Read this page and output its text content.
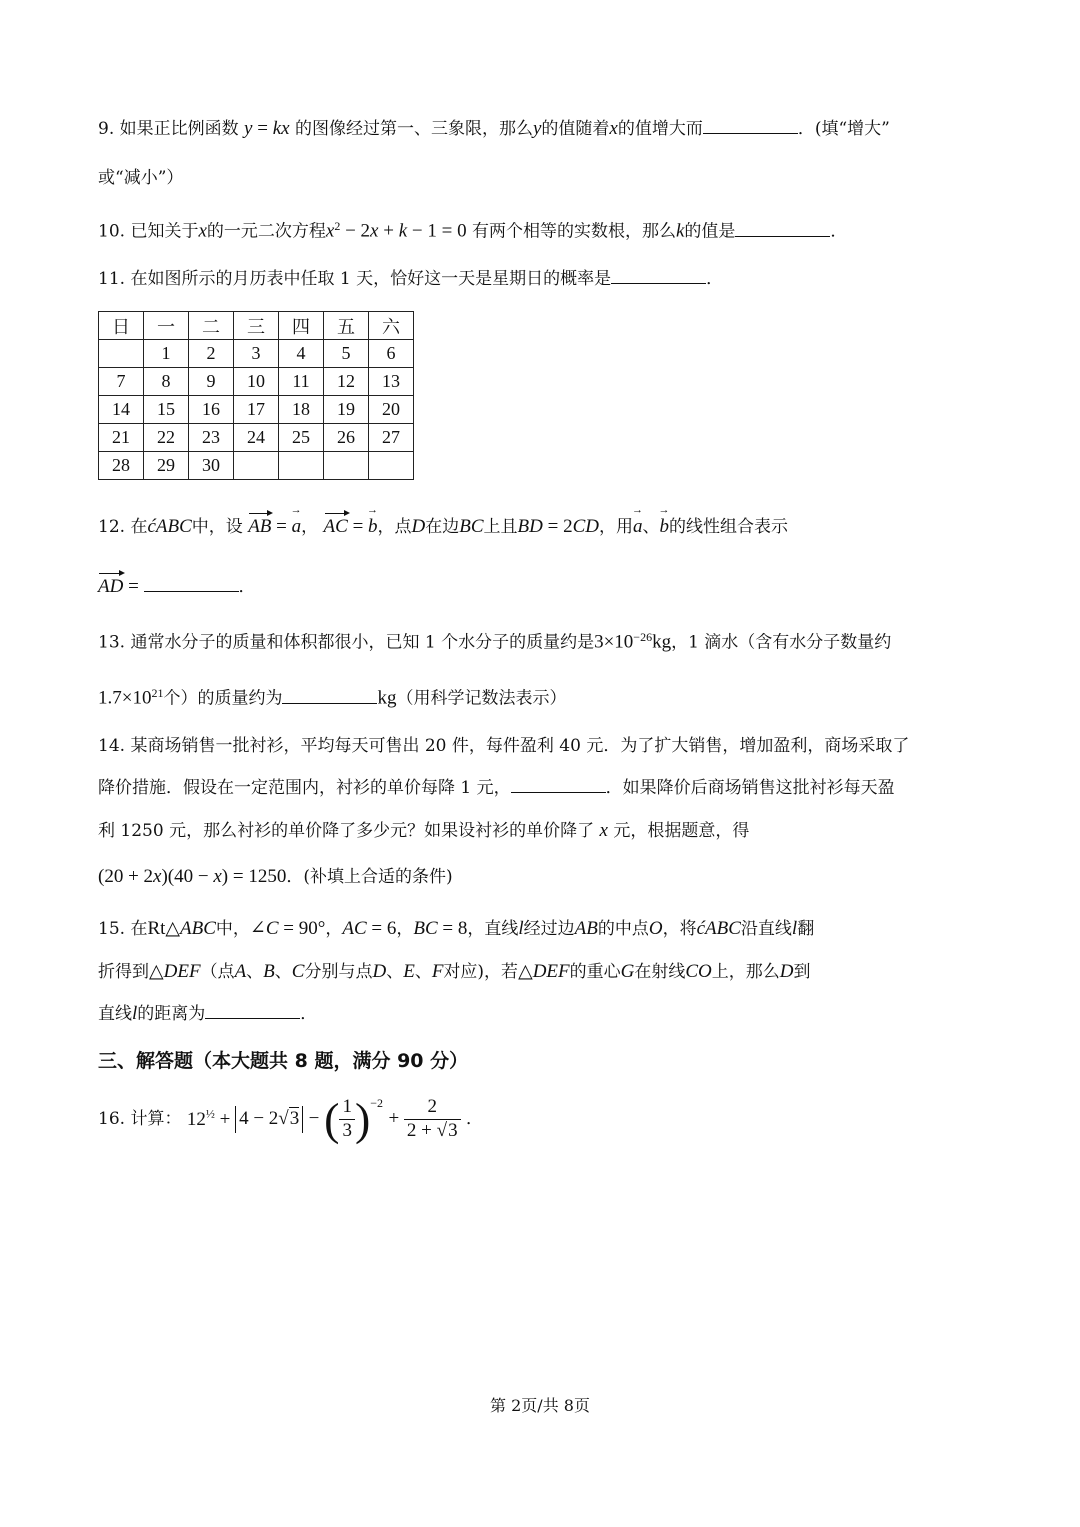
9. 如果正比例函数 y = kx 的图像经过第一、三象限，那么y的值随着x的值增大而	．(填“增大”
或“减小”）
10. 已知关于x的一元二次方程$x^2 - 2x + k - 1 = 0$ 有两个相等的实数根，那么k的值是	．
11. 在如图所示的月历表中任取 1 天，恰好这一天是星期日的概率是	．
日	一	二	三	四	五	六
	1	2	3	4	5	6
7	8	9	10	11	12	13
14	15	16	17	18	19	20
21	22	23	24	25	26	27
28	29	30				
12. 在ćABC中，设 AB = a →， AC = b →，点D在边BC上且BD = 2CD，用a →、b →的线性组合表示
AD =	．
13. 通常水分子的质量和体积都很小，已知 1 个水分子的质量约是$3\times 10^{-26}kg$，1 滴水（含有水分子数量约
$1.7\times 10^{21}$个）的质量约为	kg（用科学记数法表示）
14. 某商场销售一批衬衫，平均每天可售出 20 件，每件盈利 40 元．为了扩大销售，增加盈利，商场采取了
降价措施．假设在一定范围内，衬衫的单价每降 1 元，	．如果降价后商场销售这批衬衫每天盈
利 1250 元，那么衬衫的单价降了多少元？如果设衬衫的单价降了 x 元，根据题意，得
(20 + 2x)(40 − x) = 1250．(补填上合适的条件)
15. 在Rt△ABC中，∠C = 90°，AC = 6，BC = 8，直线l经过边AB的中点O，将ćABC沿直线l翻
折得到△DEF（点A、B、C分别与点D、E、F对应)，若△DEF的重心G在射线CO上，那么D到
直线l的距离为	．
三、解答题（本大题共 8 题，满分 90 分）
16. 计算： $12^{\frac{1}{2}} + 4 - 2√3$ − ( $\frac{1}{3} )^{-2} + \frac{2}{2 + √3}$ ．
第 2页/共 8页
